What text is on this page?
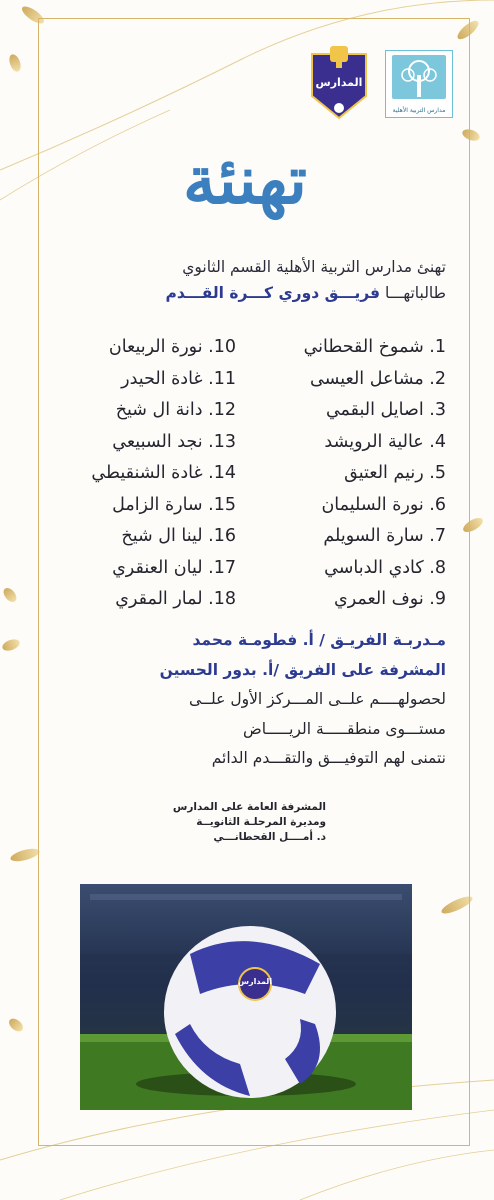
المدارس
مدارس التربية الأهلية
تهنئة
تهنئ مدارس التربية الأهلية القسم الثانوي
طالباتهـــا فريـــق دوري كـــرة القـــدم
1. شموخ القحطاني
2. مشاعل العيسى
3. اصايل البقمي
4. عالية الرويشد
5. رنيم العتيق
6. نورة السليمان
7. سارة السويلم
8. كادي الدباسي
9. نوف العمري
10. نورة الربيعان
11. غادة الحيدر
12. دانة ال شيخ
13. نجد السبيعي
14. غادة الشنقيطي
15. سارة الزامل
16. لينا ال شيخ
17. ليان العنقري
18. لمار المقري
مـدربـة الفريـق / أ. فطومـة محمد
المشرفة على الفريق /أ. بدور الحسين
لحصولهــــم علــى المـــركز الأول علــى
مستـــوى منطقـــــة الريـــــاض
نتمنى لهم التوفيـــق والتقـــدم الدائم
المشرفة العامة على المدارس
ومديرة المرحلـة الثانويــة
د. أمــــل القحطانـــي
المدارس
